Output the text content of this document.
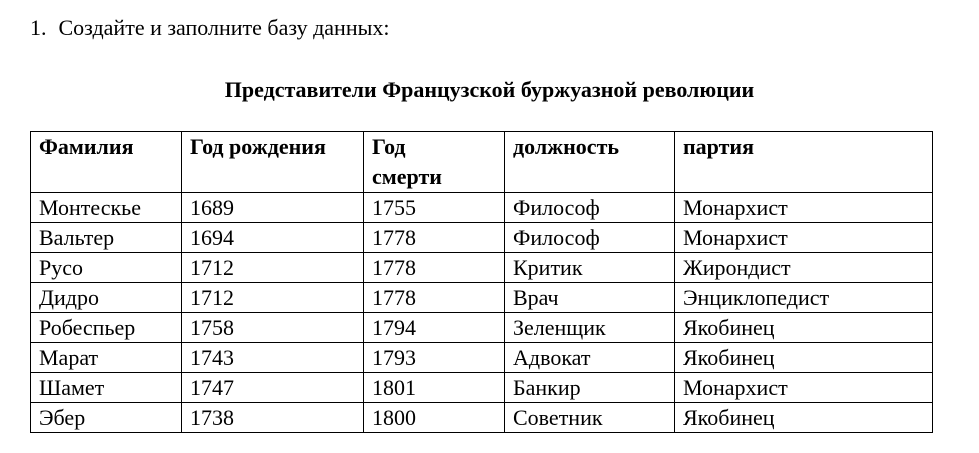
1. Создайте и заполните базу данных:
Представители Французской буржуазной революции
Фамилия	Год рождения	Год смерти	должность	партия
Монтескье	1689	1755	Философ	Монархист
Вальтер	1694	1778	Философ	Монархист
Русо	1712	1778	Критик	Жирондист
Дидро	1712	1778	Врач	Энциклопедист
Робеспьер	1758	1794	Зеленщик	Якобинец
Марат	1743	1793	Адвокат	Якобинец
Шамет	1747	1801	Банкир	Монархист
Эбер	1738	1800	Советник	Якобинец
